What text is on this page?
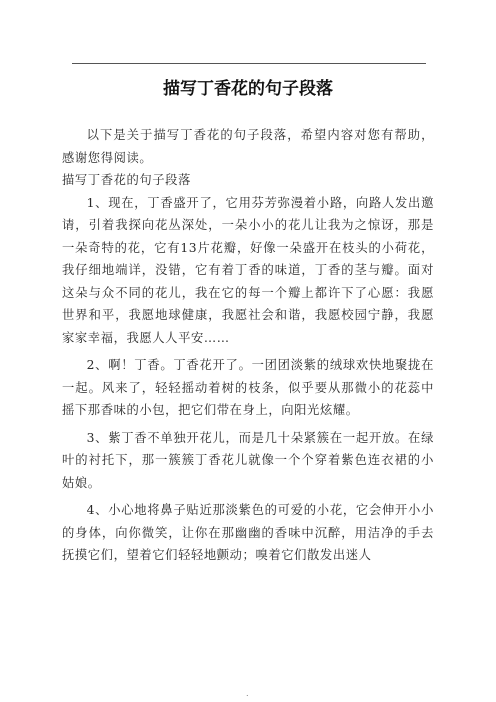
描写丁香花的句子段落

以下是关于描写丁香花的句子段落，希望内容对您有帮助，感谢您得阅读。

描写丁香花的句子段落

1、现在，丁香盛开了，它用芬芳弥漫着小路，向路人发出邀请，引着我探向花丛深处，一朵小小的花儿让我为之惊讶，那是一朵奇特的花，它有13片花瓣，好像一朵盛开在枝头的小荷花，我仔细地端详，没错，它有着丁香的味道，丁香的茎与瓣。面对这朵与众不同的花儿，我在它的每一个瓣上都许下了心愿：我愿世界和平，我愿地球健康，我愿社会和谐，我愿校园宁静，我愿家家幸福，我愿人人平安……

2、啊！丁香。丁香花开了。一团团淡紫的绒球欢快地聚拢在一起。风来了，轻轻摇动着树的枝条，似乎要从那微小的花蕊中摇下那香味的小包，把它们带在身上，向阳光炫耀。

3、紫丁香不单独开花儿，而是几十朵紧簇在一起开放。在绿叶的衬托下，那一簇簇丁香花儿就像一个个穿着紫色连衣裙的小姑娘。

4、小心地将鼻子贴近那淡紫色的可爱的小花，它会伸开小小的身体，向你微笑，让你在那幽幽的香味中沉醉，用洁净的手去抚摸它们，望着它们轻轻地颤动；嗅着它们散发出迷人

.
